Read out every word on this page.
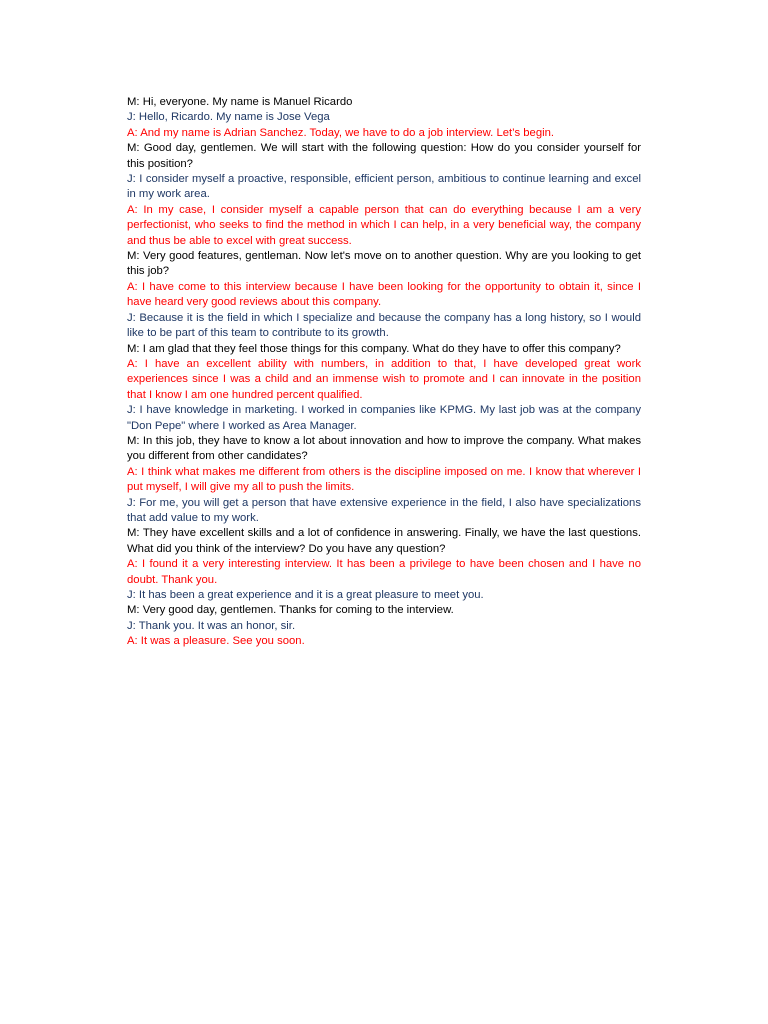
M: Hi, everyone. My name is Manuel Ricardo

J: Hello, Ricardo. My name is Jose Vega

A: And my name is Adrian Sanchez. Today, we have to do a job interview. Let’s begin.

M: Good day, gentlemen. We will start with the following question: How do you consider yourself for this position?

J: I consider myself a proactive, responsible, efficient person, ambitious to continue learning and excel in my work area.

A: In my case, I consider myself a capable person that can do everything because I am a very perfectionist, who seeks to find the method in which I can help, in a very beneficial way, the company and thus be able to excel with great success.

M: Very good features, gentleman. Now let's move on to another question. Why are you looking to get this job?

A: I have come to this interview because I have been looking for the opportunity to obtain it, since I have heard very good reviews about this company.

J: Because it is the field in which I specialize and because the company has a long history, so I would like to be part of this team to contribute to its growth.

M: I am glad that they feel those things for this company. What do they have to offer this company?

A: I have an excellent ability with numbers, in addition to that, I have developed great work experiences since I was a child and an immense wish to promote and I can innovate in the position that I know I am one hundred percent qualified.

J: I have knowledge in marketing. I worked in companies like KPMG. My last job was at the company "Don Pepe" where I worked as Area Manager.

M: In this job, they have to know a lot about innovation and how to improve the company. What makes you different from other candidates?

A: I think what makes me different from others is the discipline imposed on me. I know that wherever I put myself, I will give my all to push the limits.

J: For me, you will get a person that have extensive experience in the field, I also have specializations that add value to my work.

M: They have excellent skills and a lot of confidence in answering. Finally, we have the last questions. What did you think of the interview? Do you have any question?

A: I found it a very interesting interview. It has been a privilege to have been chosen and I have no doubt. Thank you.

J: It has been a great experience and it is a great pleasure to meet you.

M: Very good day, gentlemen. Thanks for coming to the interview.

J: Thank you. It was an honor, sir.

A: It was a pleasure. See you soon.
